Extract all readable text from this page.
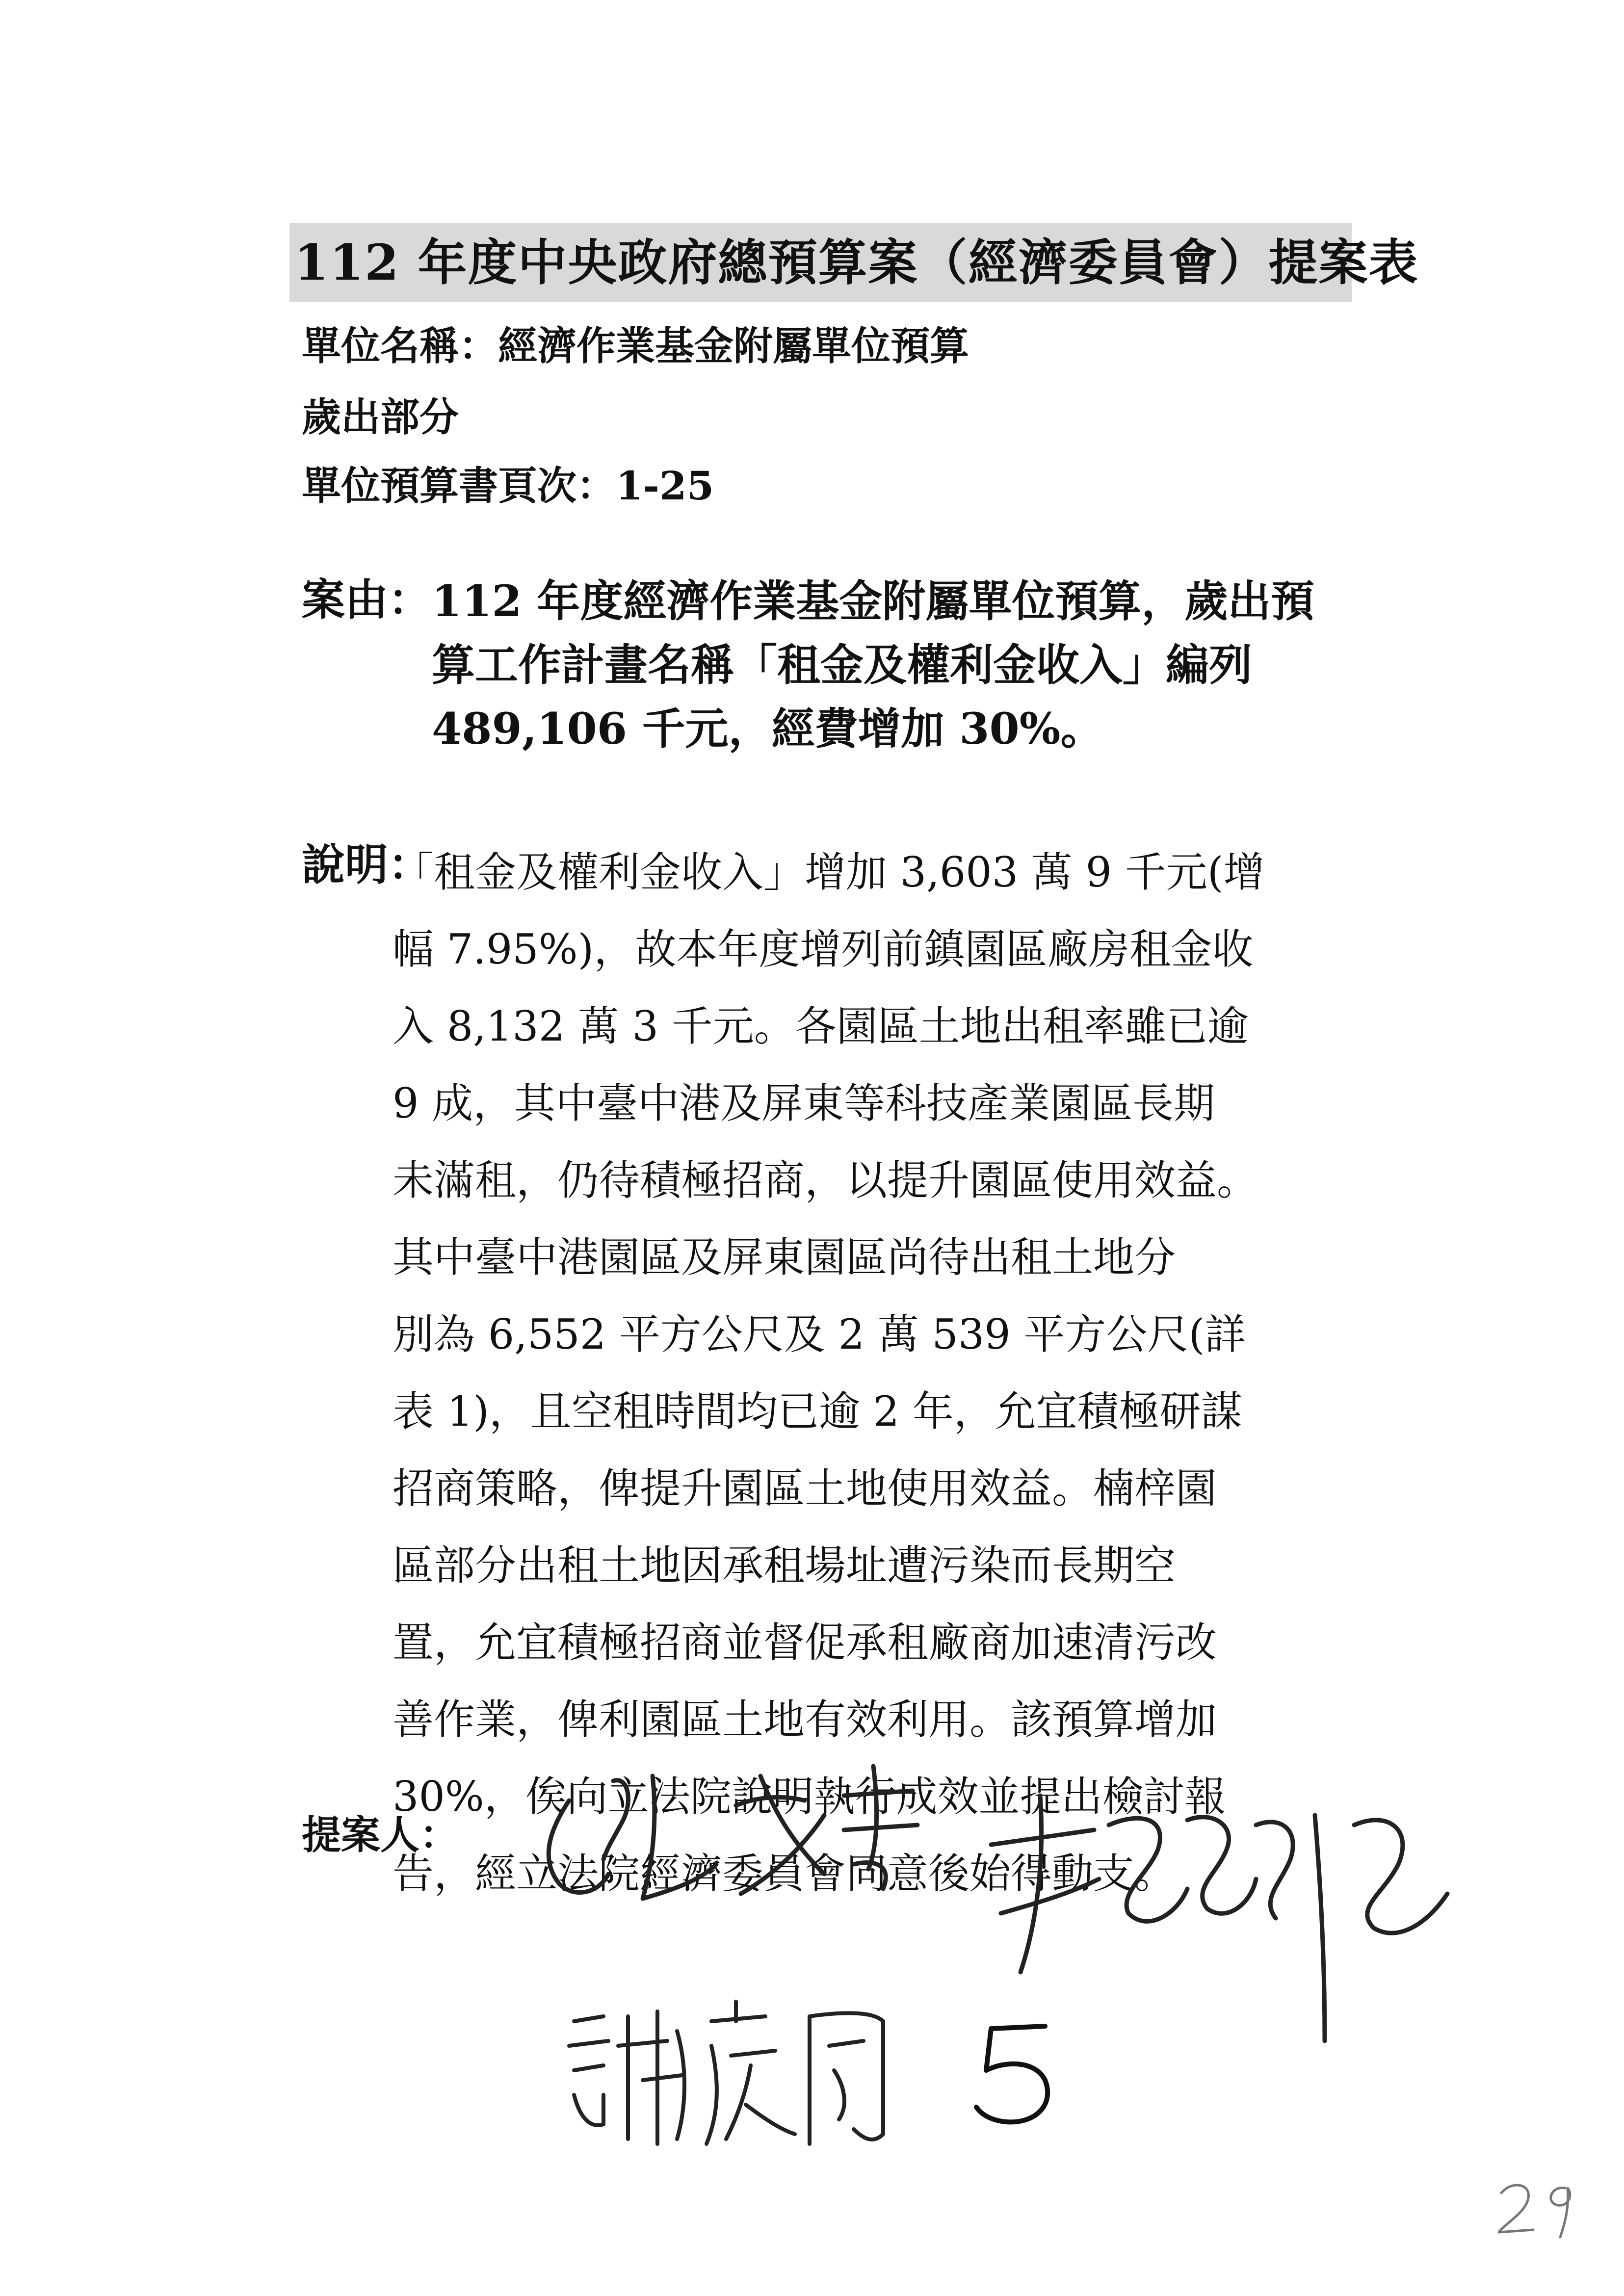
112 年度中央政府總預算案（經濟委員會）提案表
單位名稱：經濟作業基金附屬單位預算
歲出部分
單位預算書頁次：1-25
案由： 112 年度經濟作業基金附屬單位預算，歲出預
算工作計畫名稱「租金及權利金收入」編列
489,106 千元，經費增加 30%。
說明：
「租金及權利金收入」增加 3,603 萬 9 千元(增
幅 7.95%)，故本年度增列前鎮園區廠房租金收
入 8,132 萬 3 千元。各園區土地出租率雖已逾
9 成，其中臺中港及屏東等科技產業園區長期
未滿租，仍待積極招商，以提升園區使用效益。
其中臺中港園區及屏東園區尚待出租土地分
別為 6,552 平方公尺及 2 萬 539 平方公尺(詳
表 1)，且空租時間均已逾 2 年，允宜積極研謀
招商策略，俾提升園區土地使用效益。楠梓園
區部分出租土地因承租場址遭污染而長期空
置，允宜積極招商並督促承租廠商加速清污改
善作業，俾利園區土地有效利用。該預算增加
30%，俟向立法院說明執行成效並提出檢討報
告，經立法院經濟委員會同意後始得動支。
提案人：
